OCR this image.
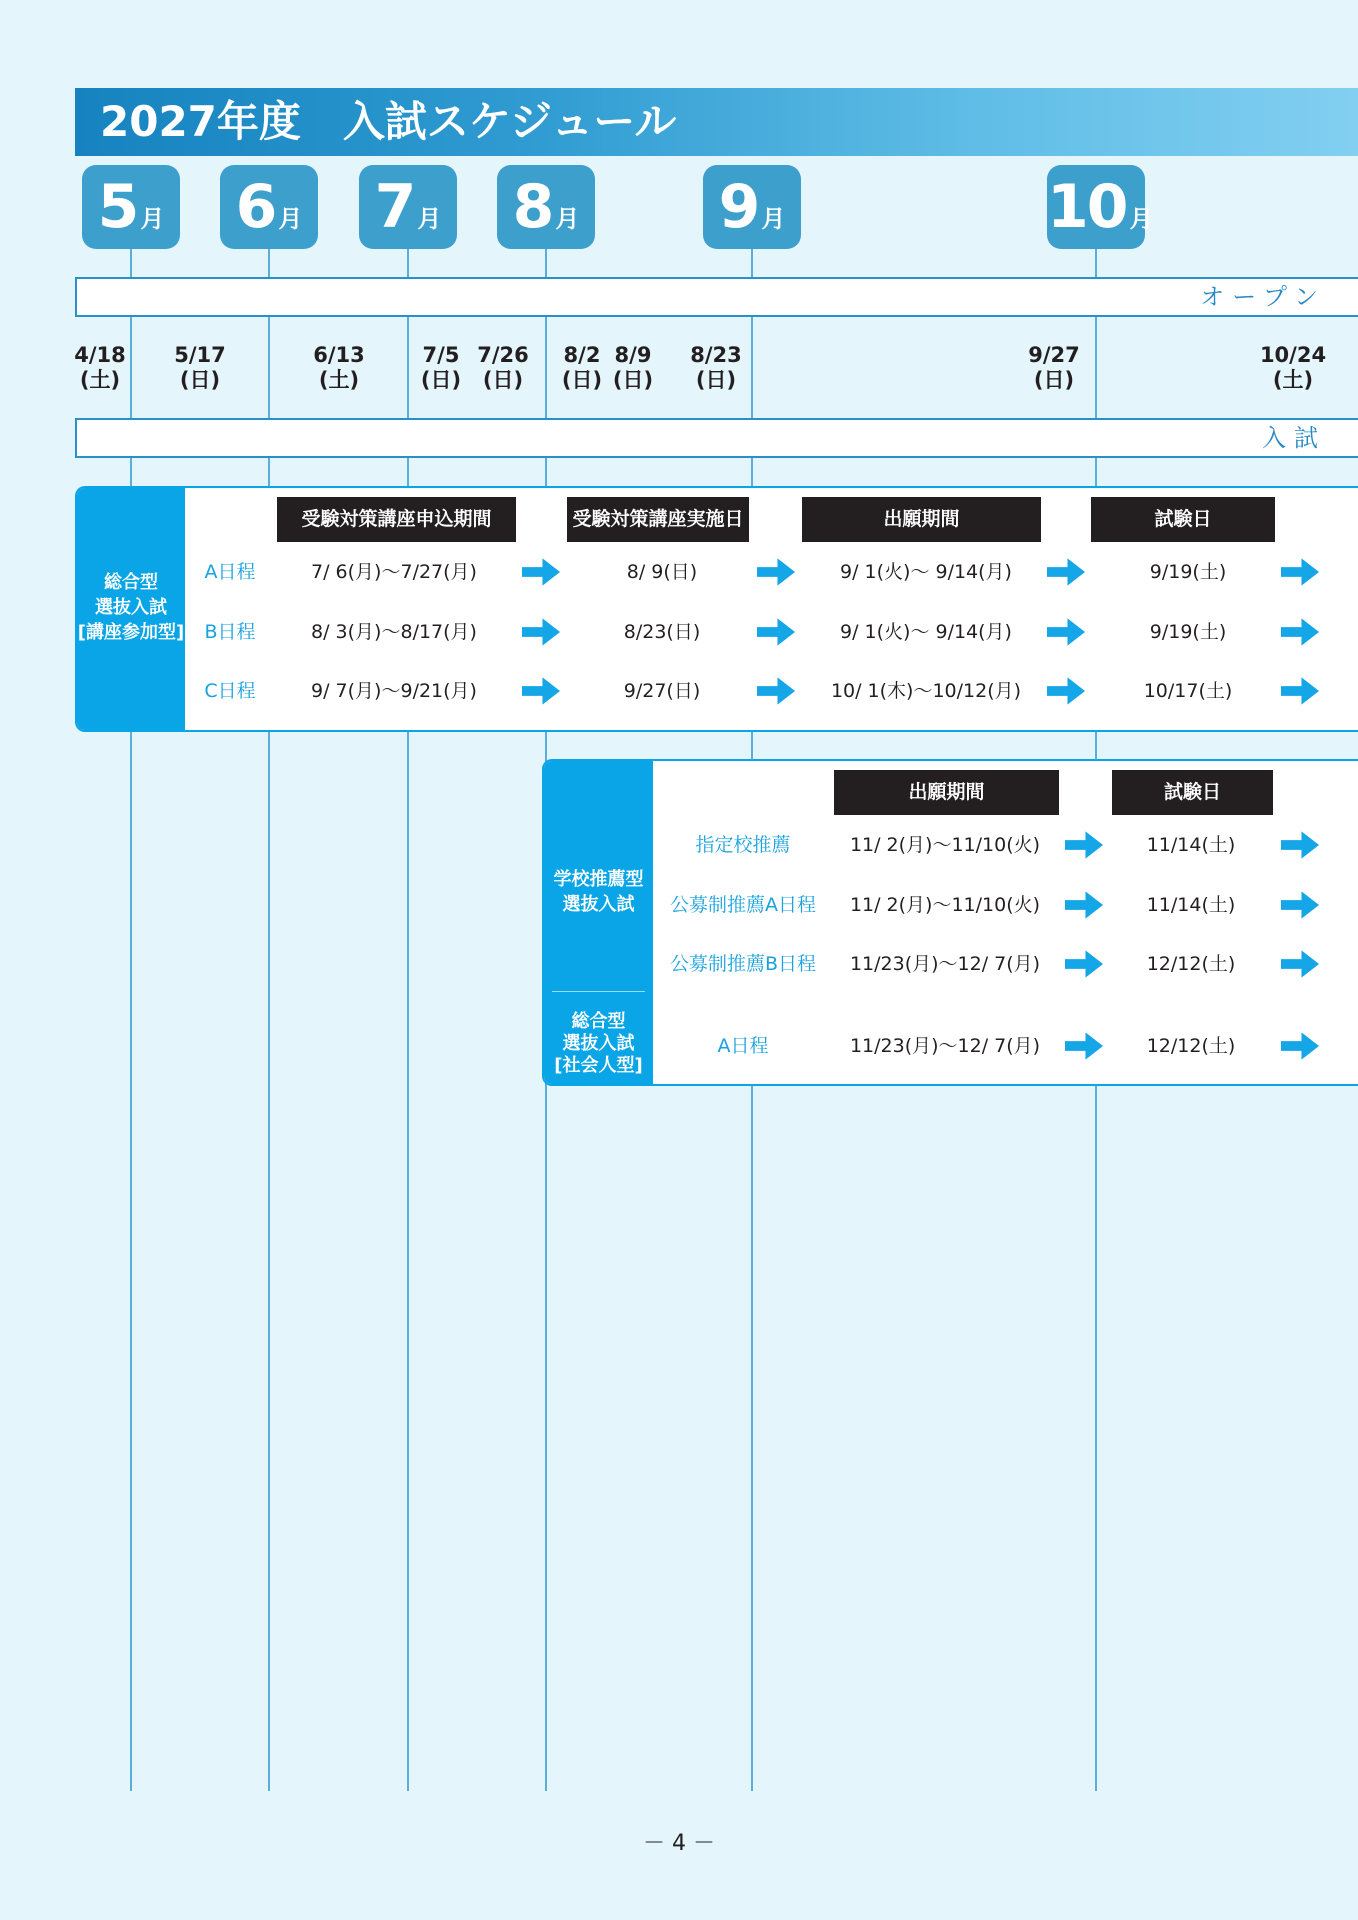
2027年度　入試スケジュール
5 月 6 月 7 月 8 月 9 月	10 月
オープン
4/18
(土)
5/17
(日)
6/13
(土)
7/5
(日)
7/26
(日)
8/2
(日)
8/9
(日)
8/23
(日)
9/27
(日)
10/24
(土)
入試
総合型
選抜入試
[講座参加型]
受験対策講座申込期間	受験対策講座実施日	出願期間	試験日
A日程	7/ 6(月)～7/27(月)	8/ 9(日)	9/ 1(火)～ 9/14(月)	9/19(土)
B日程	8/ 3(月)～8/17(月)	8/23(日)	9/ 1(火)～ 9/14(月)	9/19(土)
C日程	9/ 7(月)～9/21(月)	9/27(日)	10/ 1(木)～10/12(月)	10/17(土)
学校推薦型
選抜入試
総合型
選抜入試
[社会人型]
出願期間	試験日
指定校推薦	11/ 2(月)～11/10(火)	11/14(土)
公募制推薦A日程	11/ 2(月)～11/10(火)	11/14(土)
公募制推薦B日程	11/23(月)～12/ 7(月)	12/12(土)
A日程	11/23(月)～12/ 7(月)	12/12(土)
－ 4 －
